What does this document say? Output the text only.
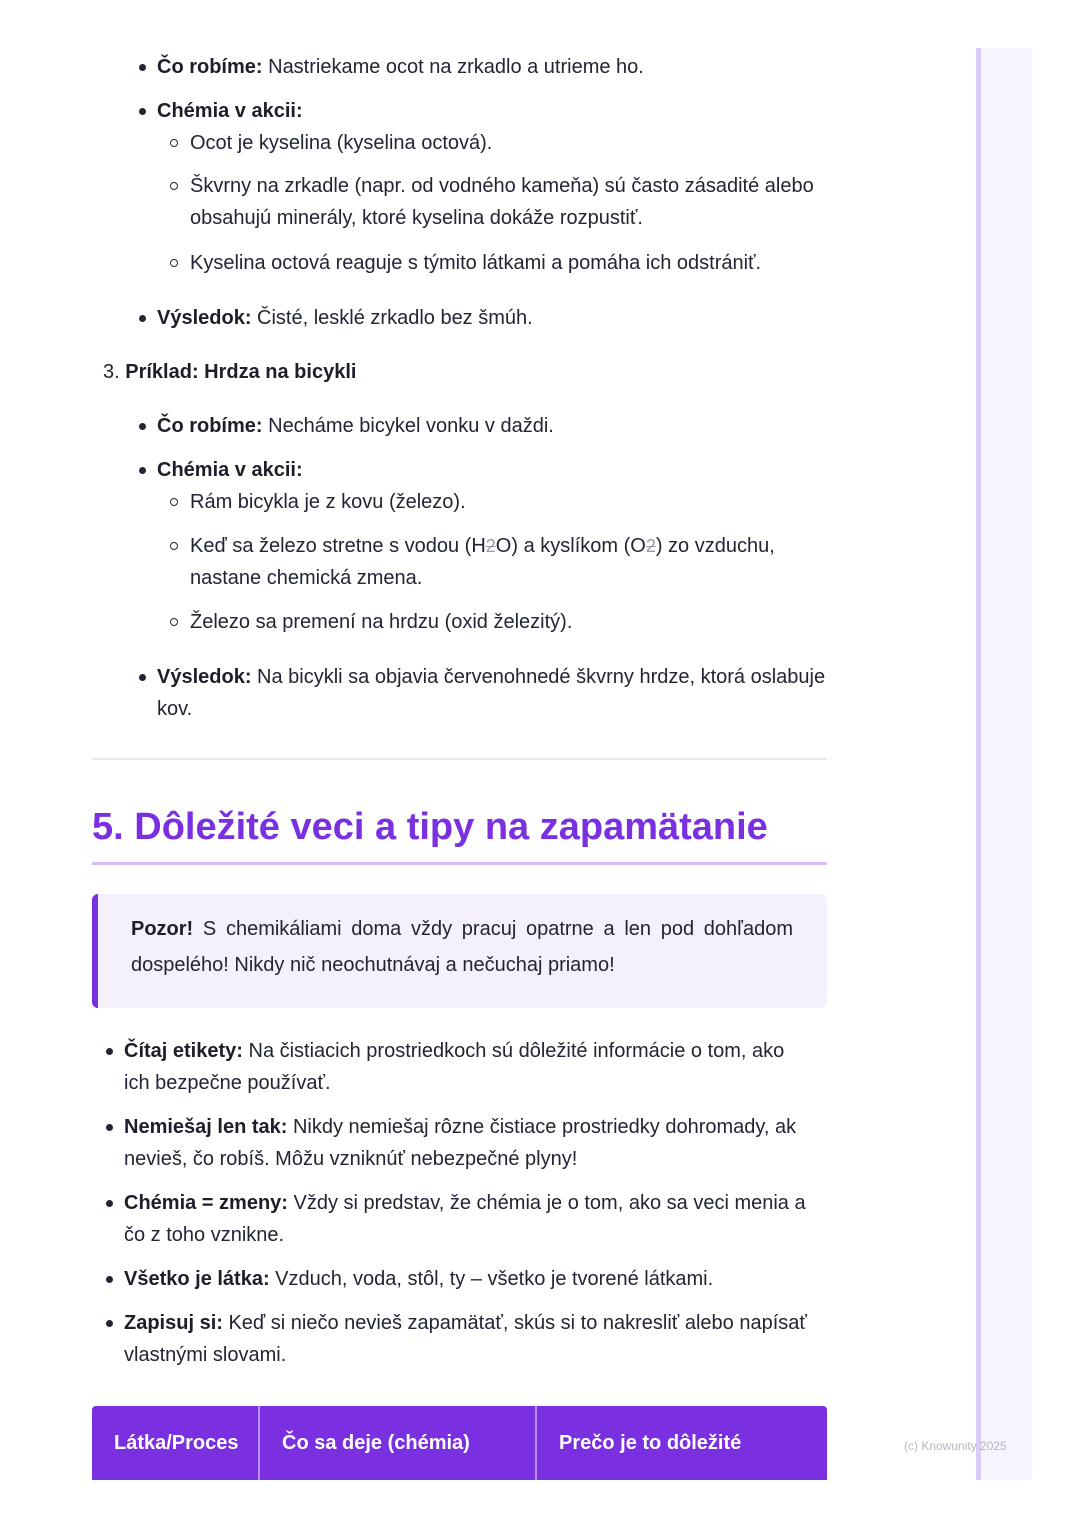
Čo robíme: Nastriekame ocot na zrkadlo a utrieme ho.
Chémia v akcii:
Výsledok: Čisté, lesklé zrkadlo bez šmúh.
Ocot je kyselina (kyselina octová).
Škvrny na zrkadle (napr. od vodného kameňa) sú často zásadité alebo obsahujú minerály, ktoré kyselina dokáže rozpustiť.
Kyselina octová reaguje s týmito látkami a pomáha ich odstrániť.
3. Príklad: Hrdza na bicykli
Čo robíme: Necháme bicykel vonku v daždi.
Chémia v akcii:
Výsledok: Na bicykli sa objavia červenohnedé škvrny hrdze, ktorá oslabuje kov.
Rám bicykla je z kovu (železo).
Keď sa železo stretne s vodou (H2O) a kyslíkom (O2) zo vzduchu, nastane chemická zmena.
Železo sa premení na hrdzu (oxid železitý).
5. Dôležité veci a tipy na zapamätanie
Pozor! S chemikáliami doma vždy pracuj opatrne a len pod dohľadom dospelého! Nikdy nič neochutnávaj a nečuchaj priamo!
Čítaj etikety: Na čistiacich prostriedkoch sú dôležité informácie o tom, ako ich bezpečne používať.
Nemiešaj len tak: Nikdy nemiešaj rôzne čistiace prostriedky dohromady, ak nevieš, čo robíš. Môžu vzniknúť nebezpečné plyny!
Chémia = zmeny: Vždy si predstav, že chémia je o tom, ako sa veci menia a čo z toho vznikne.
Všetko je látka: Vzduch, voda, stôl, ty – všetko je tvorené látkami.
Zapisuj si: Keď si niečo nevieš zapamätať, skús si to nakresliť alebo napísať vlastnými slovami.
Látka/Proces	Čo sa deje (chémia)	Prečo je to dôležité	(c) Knowunity 2025
